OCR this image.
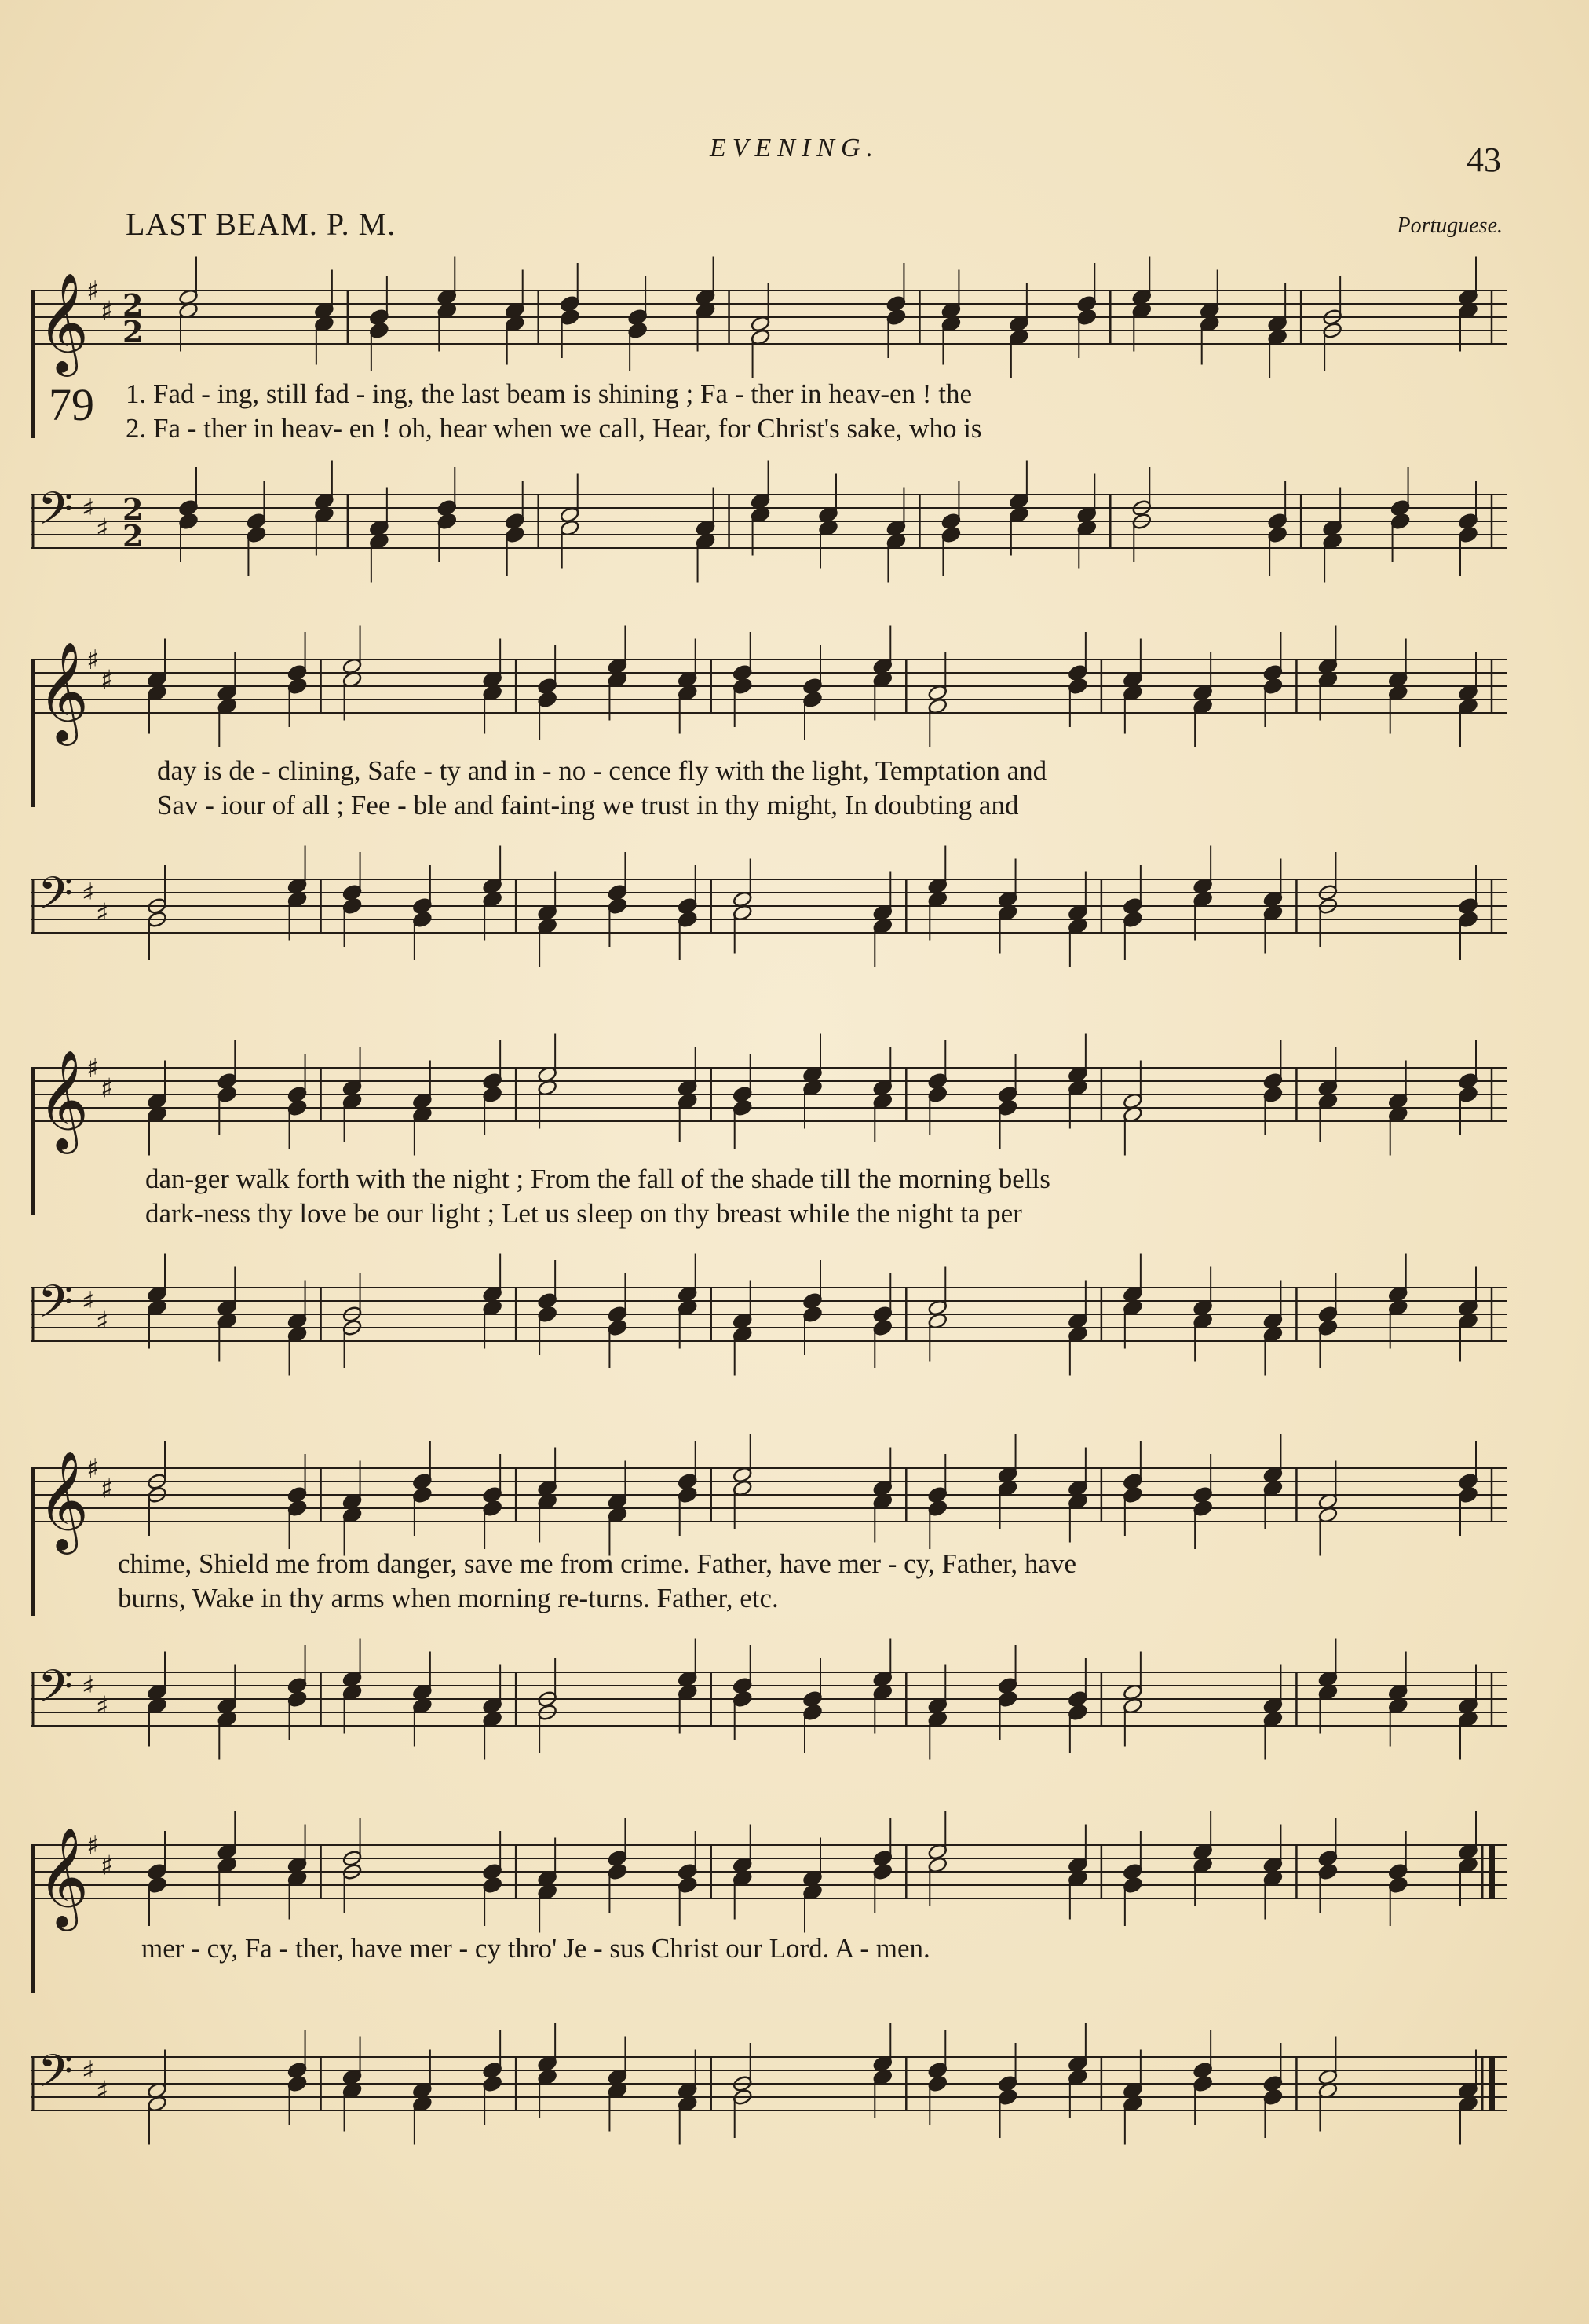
EVENING.	43
LAST BEAM. P. M.	Portuguese.
79
𝄞
♯
♯ 2
2
1. Fad - ing, still fad - ing, the last beam is shining ; Fa - ther in heav-en ! the
2. Fa - ther in heav- en ! oh, hear when we call, Hear, for Christ's sake, who is
𝄢 ♯
♯
2
2
𝄞
♯
♯
day is de - clining, Safe - ty and in - no - cence fly with the light, Temptation and
Sav - iour of all ; Fee - ble and faint-ing we trust in thy might, In doubting and
𝄢 ♯
♯
𝄞
♯
♯
dan-ger walk forth with the night ; From the fall of the shade till the morning bells
dark-ness thy love be our light ; Let us sleep on thy breast while the night ta per
𝄢 ♯
♯
𝄞
♯
♯
chime, Shield me from danger, save me from crime. Father, have mer - cy, Father, have
burns, Wake in thy arms when morning re-turns. Father, etc.
𝄢 ♯
♯
𝄞
♯
♯
mer - cy, Fa - ther, have mer - cy thro' Je - sus Christ our Lord. A - men.
𝄢 ♯
♯
